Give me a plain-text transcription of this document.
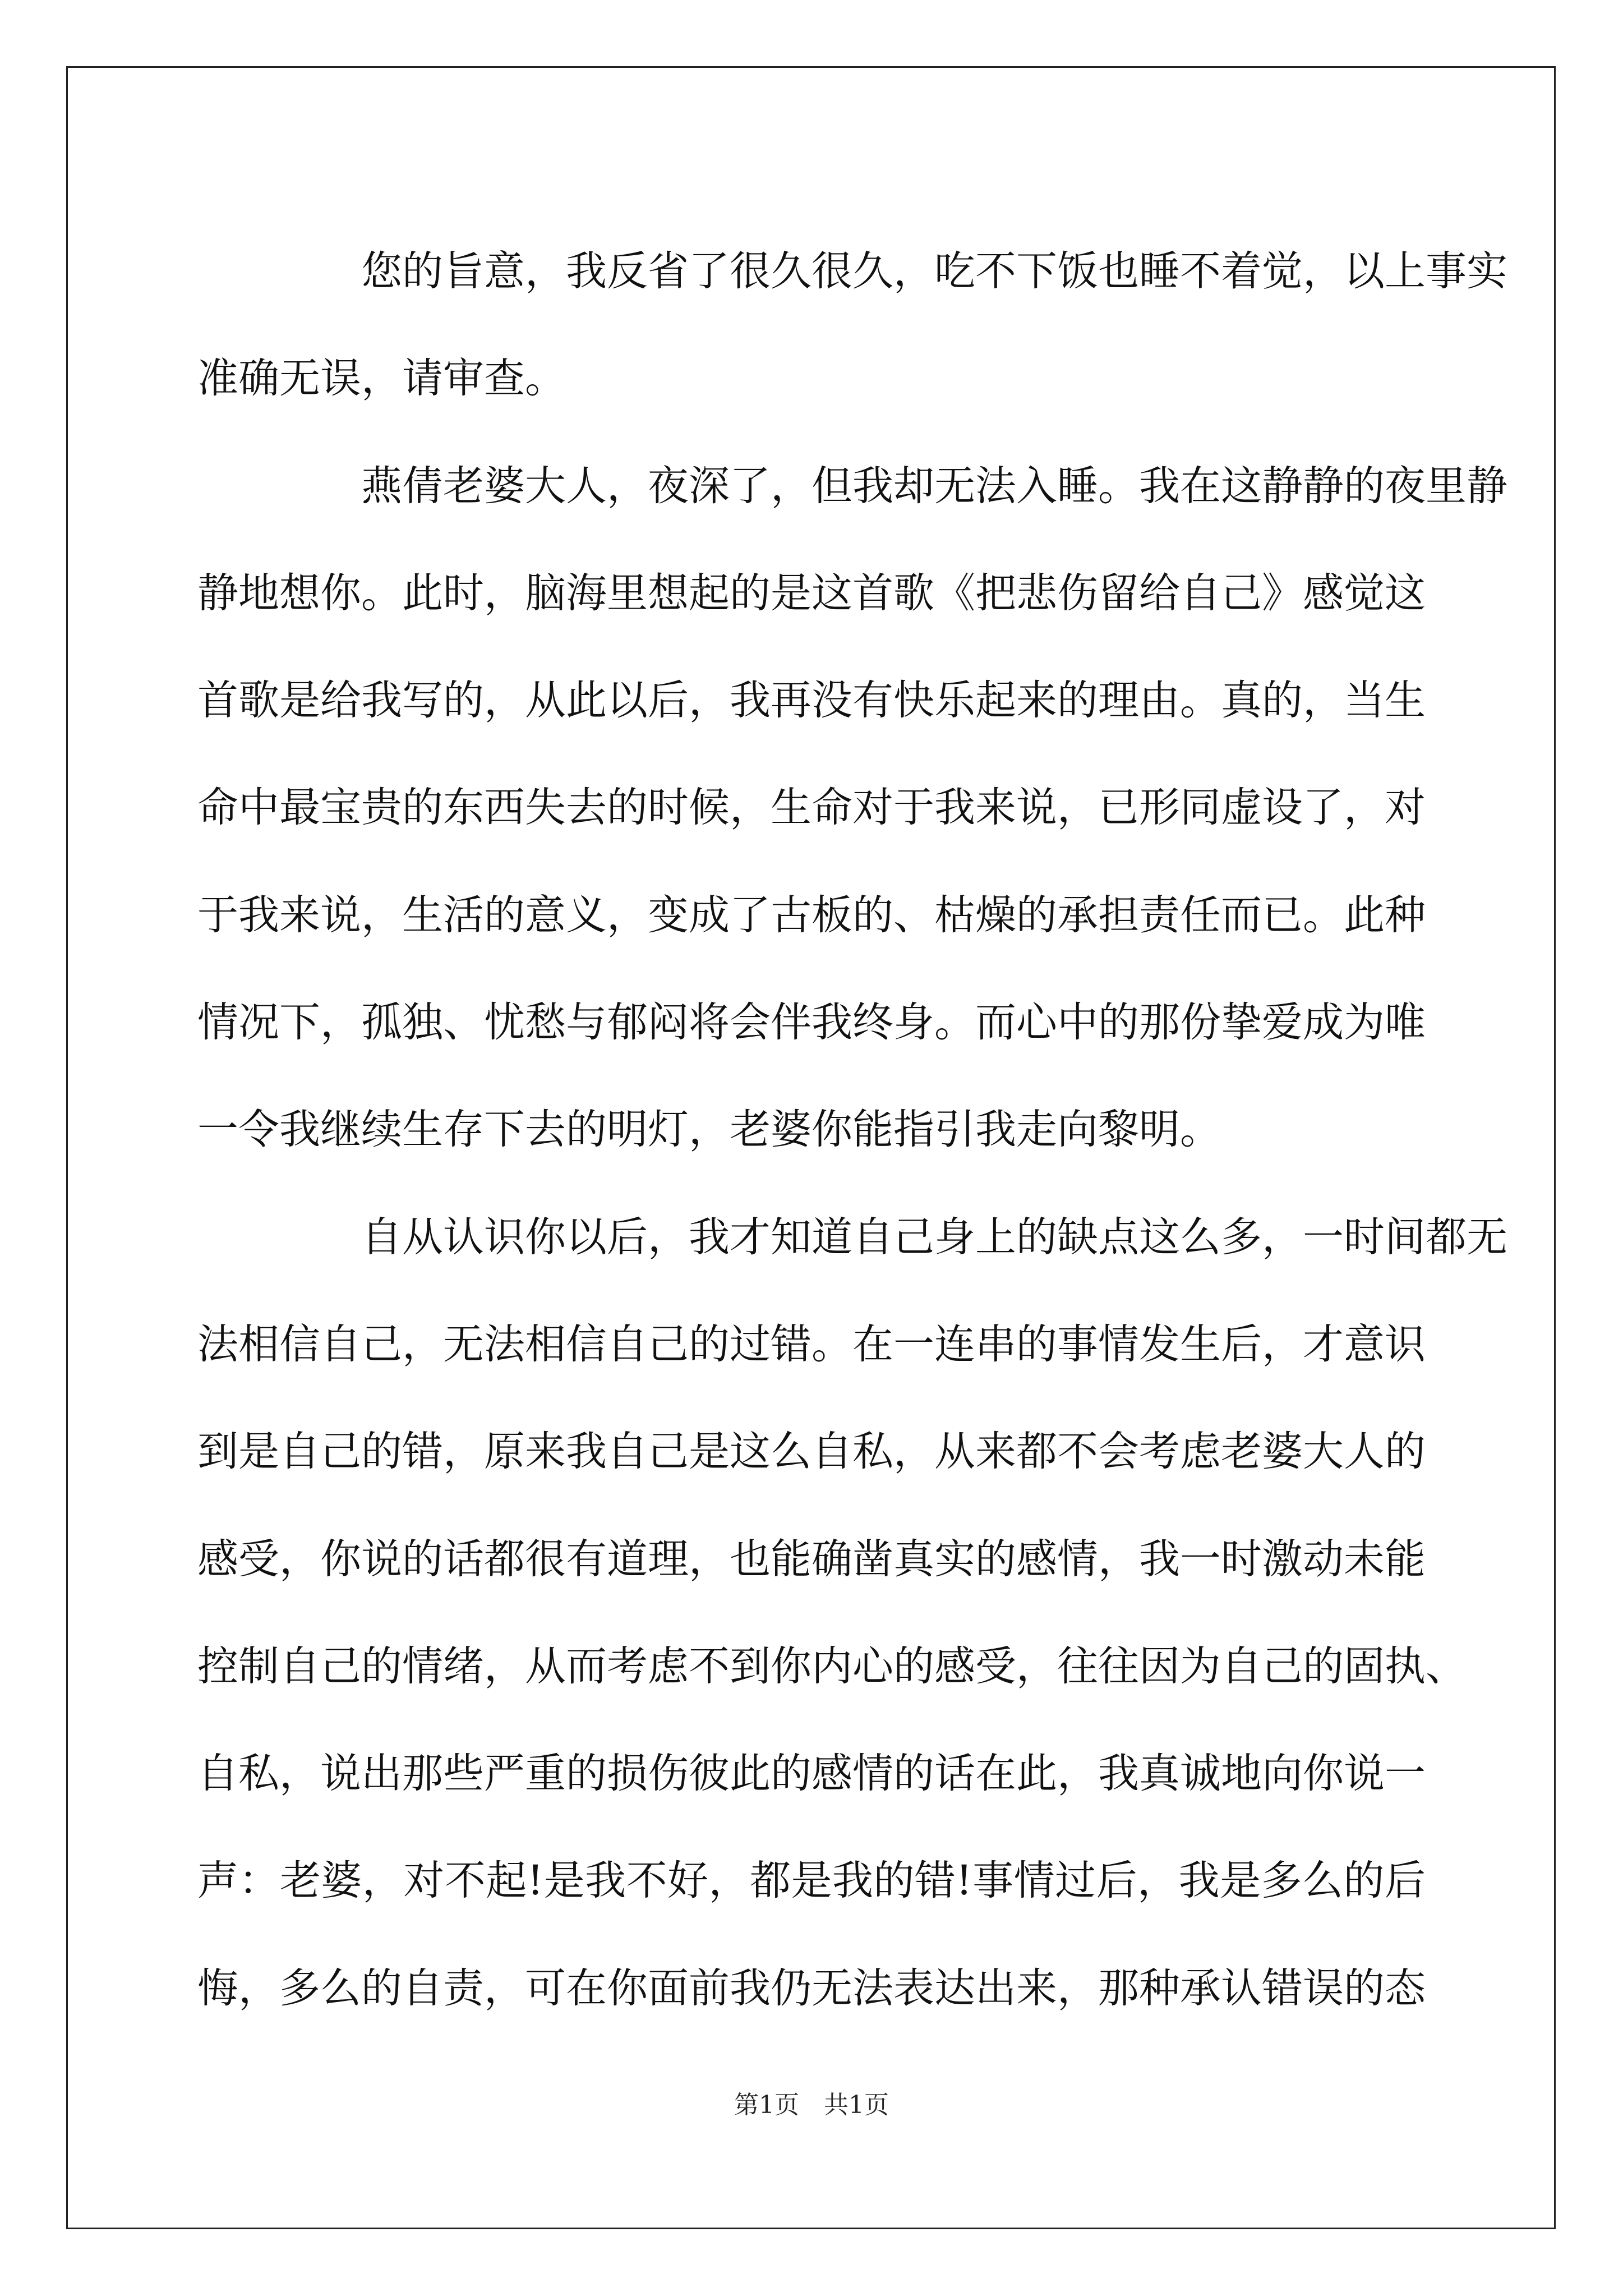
您的旨意，我反省了很久很久，吃不下饭也睡不着觉，以上事实
准确无误，请审查。
燕倩老婆大人，夜深了，但我却无法入睡。我在这静静的夜里静
静地想你。此时，脑海里想起的是这首歌《把悲伤留给自己》感觉这
首歌是给我写的，从此以后，我再没有快乐起来的理由。真的，当生
命中最宝贵的东西失去的时候，生命对于我来说，已形同虚设了，对
于我来说，生活的意义，变成了古板的、枯燥的承担责任而已。此种
情况下，孤独、忧愁与郁闷将会伴我终身。而心中的那份挚爱成为唯
一令我继续生存下去的明灯，老婆你能指引我走向黎明。
自从认识你以后，我才知道自己身上的缺点这么多，一时间都无
法相信自己，无法相信自己的过错。在一连串的事情发生后，才意识
到是自己的错，原来我自己是这么自私，从来都不会考虑老婆大人的
感受，你说的话都很有道理，也能确凿真实的感情，我一时激动未能
控制自己的情绪，从而考虑不到你内心的感受，往往因为自己的固执、
自私，说出那些严重的损伤彼此的感情的话在此，我真诚地向你说一
声：老婆，对不起!是我不好，都是我的错!事情过后，我是多么的后
悔，多么的自责，可在你面前我仍无法表达出来，那种承认错误的态
第1页　共1页
